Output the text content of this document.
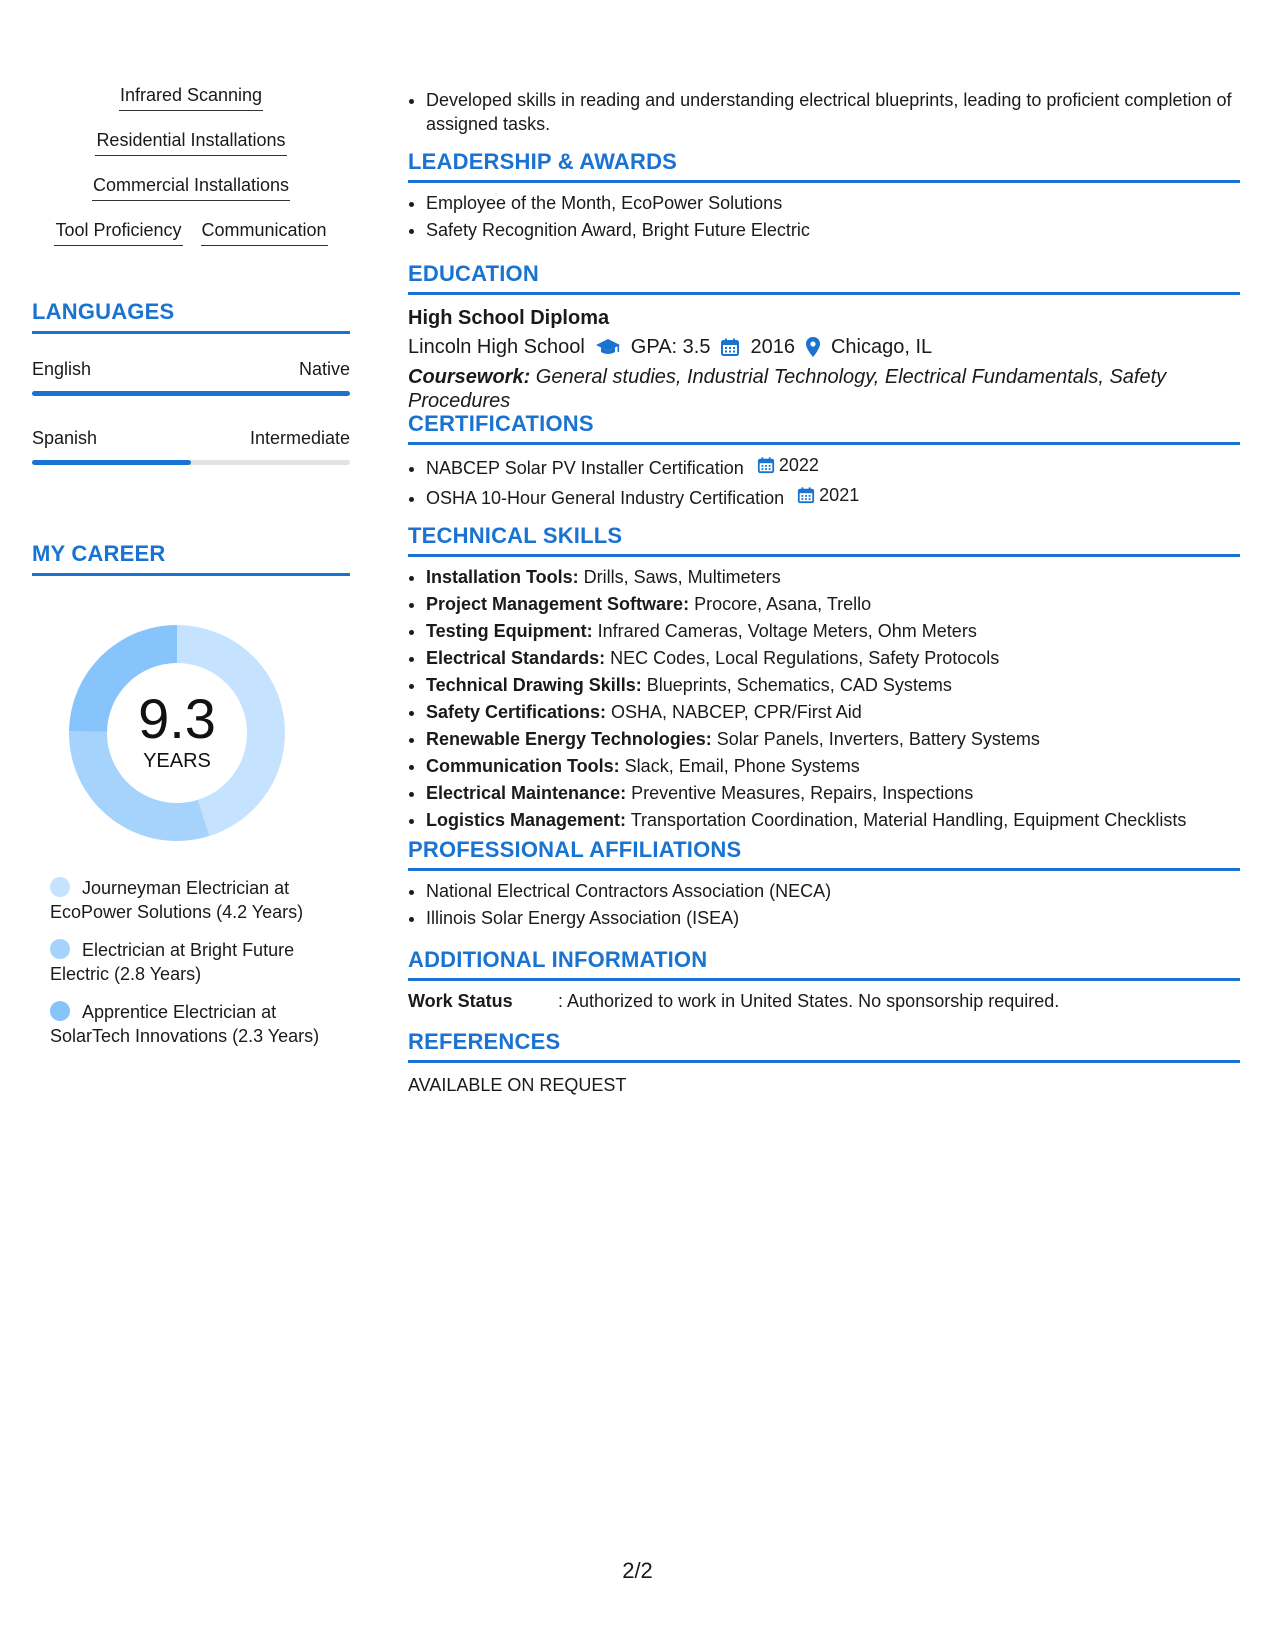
Infrared Scanning
Residential Installations
Commercial Installations
Tool Proficiency Communication
LANGUAGES
English	Native
Spanish	Intermediate
MY CAREER
9.3
YEARS
Journeyman Electrician at EcoPower Solutions (4.2 Years)
Electrician at Bright Future Electric (2.8 Years)
Apprentice Electrician at SolarTech Innovations (2.3 Years)
• Developed skills in reading and understanding electrical blueprints, leading to proficient completion of assigned tasks.
LEADERSHIP & AWARDS
• Employee of the Month, EcoPower Solutions
• Safety Recognition Award, Bright Future Electric
EDUCATION
High School Diploma
Lincoln High School GPA: 3.5 2016 Chicago, IL
Coursework: General studies, Industrial Technology, Electrical Fundamentals, Safety Procedures
CERTIFICATIONS
• NABCEP Solar PV Installer Certification 2022
• OSHA 10-Hour General Industry Certification 2021
TECHNICAL SKILLS
• Installation Tools: Drills, Saws, Multimeters
• Project Management Software: Procore, Asana, Trello
• Testing Equipment: Infrared Cameras, Voltage Meters, Ohm Meters
• Electrical Standards: NEC Codes, Local Regulations, Safety Protocols
• Technical Drawing Skills: Blueprints, Schematics, CAD Systems
• Safety Certifications: OSHA, NABCEP, CPR/First Aid
• Renewable Energy Technologies: Solar Panels, Inverters, Battery Systems
• Communication Tools: Slack, Email, Phone Systems
• Electrical Maintenance: Preventive Measures, Repairs, Inspections
• Logistics Management: Transportation Coordination, Material Handling, Equipment Checklists
PROFESSIONAL AFFILIATIONS
• National Electrical Contractors Association (NECA)
• Illinois Solar Energy Association (ISEA)
ADDITIONAL INFORMATION
Work Status	: Authorized to work in United States. No sponsorship required.
REFERENCES
AVAILABLE ON REQUEST
2/2
